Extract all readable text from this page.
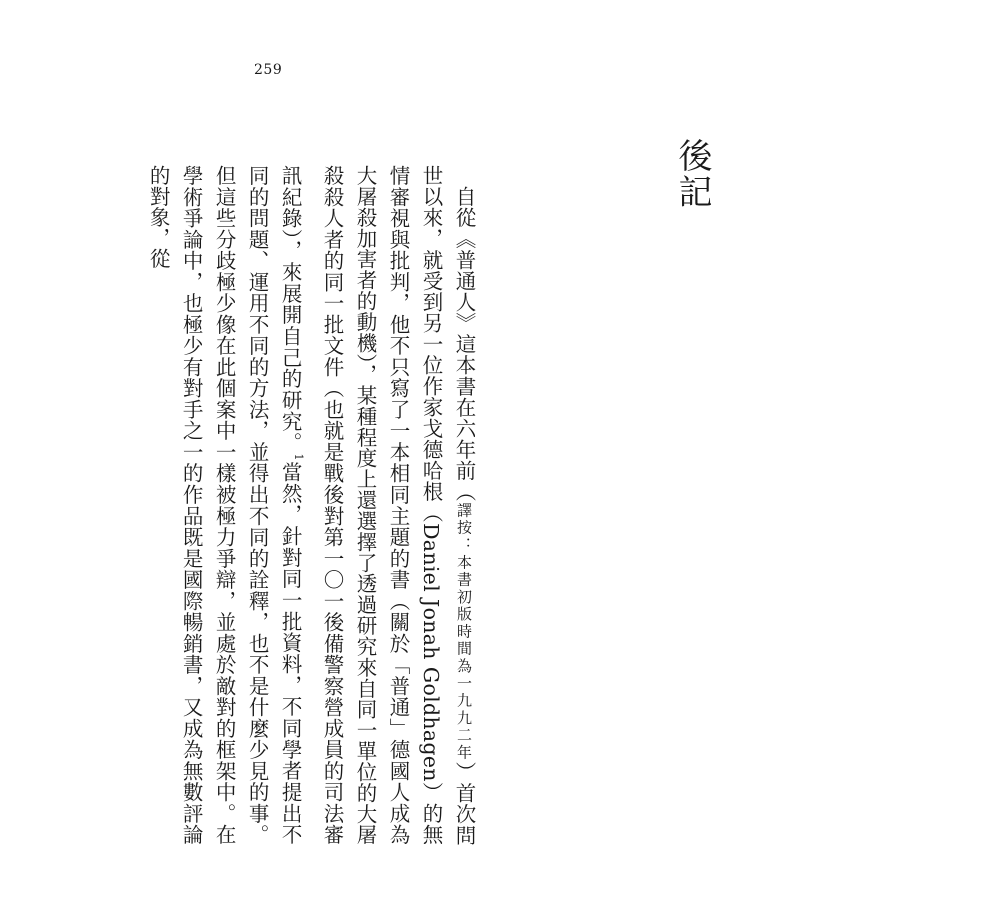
259
後記
自從《普通人》這本書在六年前（譯按：本書初版時間為一九九二年）首次問世以來，就受到另一位作家戈德哈根（Daniel Jonah Goldhagen）的無情審視與批判，他不只寫了一本相同主題的書（關於「普通」德國人成為大屠殺加害者的動機），某種程度上還選擇了透過研究來自同一單位的大屠殺殺人者的同一批文件（也就是戰後對第一〇一後備警察營成員的司法審訊紀錄），來展開自己的研究。$^1$當然，針對同一批資料，不同學者提出不同的問題、運用不同的方法，並得出不同的詮釋，也不是什麼少見的事。但這些分歧極少像在此個案中一樣被極力爭辯，並處於敵對的框架中。在學術爭論中，也極少有對手之一的作品既是國際暢銷書，又成為無數評論的對象，從
